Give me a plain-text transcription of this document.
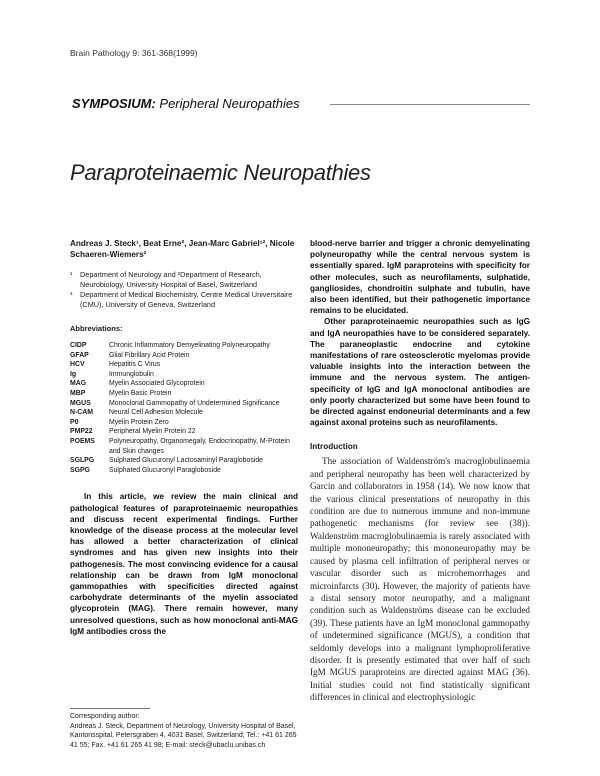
Brain Pathology 9: 361-368(1999)
SYMPOSIUM: Peripheral Neuropathies
Paraproteinaemic Neuropathies
Andreas J. Steck¹, Beat Erne², Jean-Marc Gabriel¹², Nicole Schaeren-Wiemers²
¹	Department of Neurology and ²Department of Research, Neurobiology, University Hospital of Basel, Switzerland
³	Department of Medical Biochemistry, Centre Medical Universitaire (CMU), University of Geneva, Switzerland
Abbreviations:
CIDP	Chronic Inflammatory Demyelinating Polyneuropathy
GFAP	Glial Fibrillary Acid Protein
HCV	Hepatitis C Virus
Ig	Immunglobulin
MAG	Myelin Associated Glycoprotein
MBP	Myelin Basic Protein
MGUS	Monoclonal Gammopathy of Undetermined Significance
N-CAM	Neural Cell Adhesion Molecule
P0	Myelin Protein Zero
PMP22	Peripheral Myelin Protein 22
POEMS	Polyneuropathy, Organomegaly, Endocrinopathy, M-Protein and Skin changes
SGLPG	Sulphated Glucuronyl Lactosaminyl Paragloboside
SGPG	Sulphated Glucuronyl Paragloboside

In this article, we review the main clinical and pathological features of paraproteinaemic neuropathies and discuss recent experimental findings. Further knowledge of the disease process at the molecular level has allowed a better characterization of clinical syndromes and has given new insights into their pathogenesis. The most convincing evidence for a causal relationship can be drawn from IgM monoclonal gammopathies with specificities directed against carbohydrate determinants of the myelin associated glycoprotein (MAG). There remain however, many unresolved questions, such as how monoclonal anti-MAG IgM antibodies cross the

blood-nerve barrier and trigger a chronic demyelinating polyneuropathy while the central nervous system is essentially spared. IgM paraproteins with specificity for other molecules, such as neurofilaments, sulphatide, gangliosides, chondroitin sulphate and tubulin, have also been identified, but their pathogenetic importance remains to be elucidated.

Other paraproteinaemic neuropathies such as IgG and IgA neuropathies have to be considered separately. The paraneoplastic endocrine and cytokine manifestations of rare osteosclerotic myelomas provide valuable insights into the interaction between the immune and the nervous system. The antigen-specificity of IgG and IgA monoclonal antibodies are only poorly characterized but some have been found to be directed against endoneurial determinants and a few against axonal proteins such as neurofilaments.

Introduction

The association of Waldenström's macroglobulinaemia and peripheral neuropathy has been well characterized by Garcin and collaborators in 1958 (14). We now know that the various clinical presentations of neuropathy in this condition are due to numerous immune and non-immune pathogenetic mechanisms (for review see (38)). Waldenström macroglobulinaemia is rarely associated with multiple mononeuropathy; this mononeuropathy may be caused by plasma cell infiltration of peripheral nerves or vascular disorder such as microhemorrhages and microinfarcts (30). However, the majority of patients have a distal sensory motor neuropathy, and a malignant condition such as Waldenströms disease can be excluded (39). These patients have an IgM monoclonal gammopathy of undetermined significance (MGUS), a condition that seldomly develops into a malignant lymphoproliferative disorder. It is presently estimated that over half of such IgM MGUS paraproteins are directed against MAG (36). Initial studies could not find statistically significant differences in clinical and electrophysiologic

Corresponding author:
Andreas J. Steck, Department of Neurology, University Hospital of Basel, Kantonsspital, Petersgraben 4, 4031 Basel, Switzerland; Tel.: +41 61 265 41 55; Fax. +41 61 265 41 98; E-mail: steck@ubaclu.unibas.ch
